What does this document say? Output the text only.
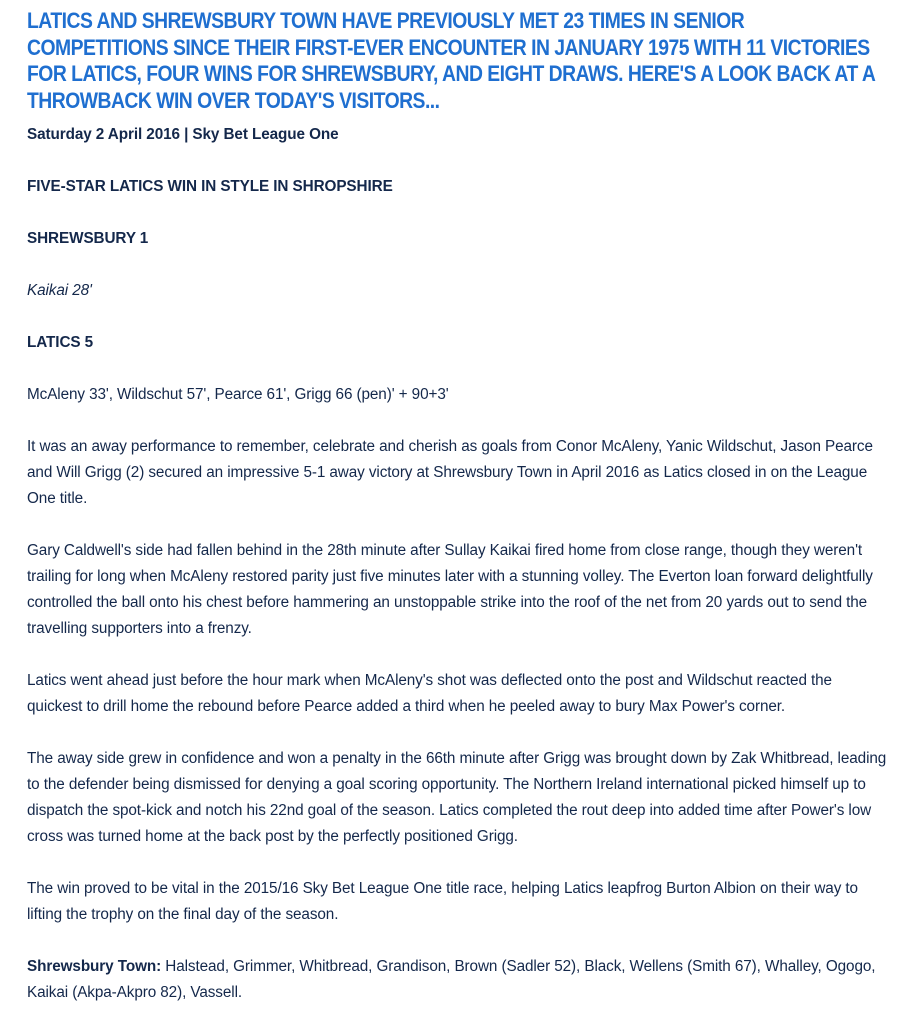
LATICS AND SHREWSBURY TOWN HAVE PREVIOUSLY MET 23 TIMES IN SENIOR COMPETITIONS SINCE THEIR FIRST-EVER ENCOUNTER IN JANUARY 1975 WITH 11 VICTORIES FOR LATICS, FOUR WINS FOR SHREWSBURY, AND EIGHT DRAWS. HERE'S A LOOK BACK AT A THROWBACK WIN OVER TODAY'S VISITORS...

Saturday 2 April 2016 | Sky Bet League One

FIVE-STAR LATICS WIN IN STYLE IN SHROPSHIRE

SHREWSBURY 1

Kaikai 28'

LATICS 5

McAleny 33', Wildschut 57', Pearce 61', Grigg 66 (pen)' + 90+3'

It was an away performance to remember, celebrate and cherish as goals from Conor McAleny, Yanic Wildschut, Jason Pearce and Will Grigg (2) secured an impressive 5-1 away victory at Shrewsbury Town in April 2016 as Latics closed in on the League One title.

Gary Caldwell's side had fallen behind in the 28th minute after Sullay Kaikai fired home from close range, though they weren't trailing for long when McAleny restored parity just five minutes later with a stunning volley. The Everton loan forward delightfully controlled the ball onto his chest before hammering an unstoppable strike into the roof of the net from 20 yards out to send the travelling supporters into a frenzy.

Latics went ahead just before the hour mark when McAleny's shot was deflected onto the post and Wildschut reacted the quickest to drill home the rebound before Pearce added a third when he peeled away to bury Max Power's corner.

The away side grew in confidence and won a penalty in the 66th minute after Grigg was brought down by Zak Whitbread, leading to the defender being dismissed for denying a goal scoring opportunity. The Northern Ireland international picked himself up to dispatch the spot-kick and notch his 22nd goal of the season. Latics completed the rout deep into added time after Power's low cross was turned home at the back post by the perfectly positioned Grigg.

The win proved to be vital in the 2015/16 Sky Bet League One title race, helping Latics leapfrog Burton Albion on their way to lifting the trophy on the final day of the season.

Shrewsbury Town: Halstead, Grimmer, Whitbread, Grandison, Brown (Sadler 52), Black, Wellens (Smith 67), Whalley, Ogogo, Kaikai (Akpa-Akpro 82), Vassell.
